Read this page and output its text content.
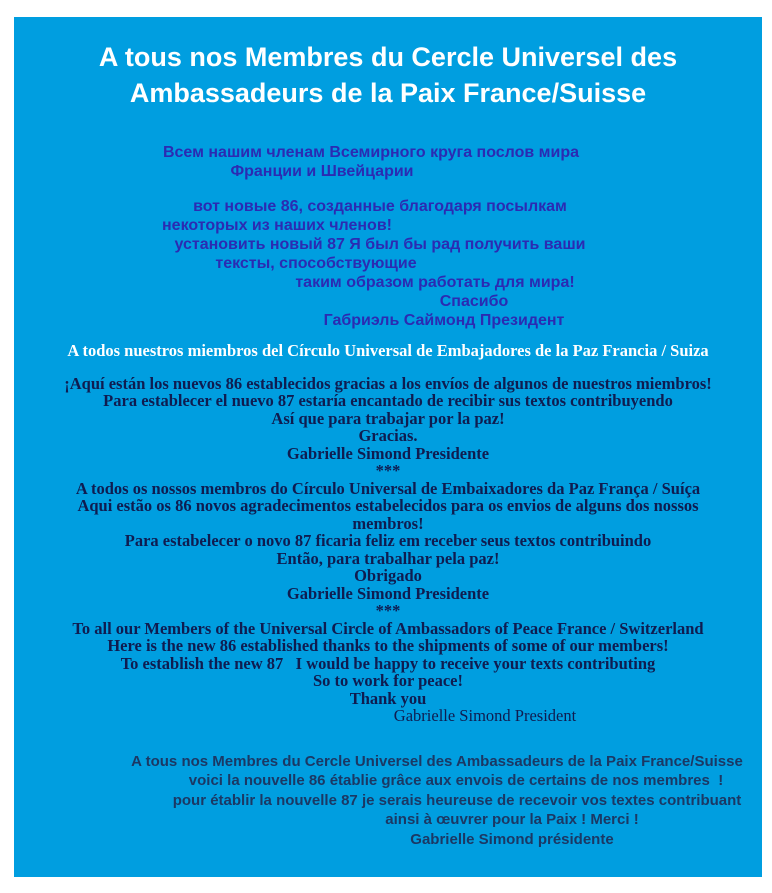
A tous nos Membres du Cercle Universel des
Ambassadeurs de la Paix France/Suisse
Всем нашим членам Всемирного круга послов мира
Франции и Швейцарии
вот новые 86, созданные благодаря посылкам
некоторых из наших членов!
установить новый 87 Я был бы рад получить ваши
тексты, способствующие
таким образом работать для мира!
Спасибо
Габриэль Саймонд Президент
A todos nuestros miembros del Círculo Universal de Embajadores de la Paz Francia / Suiza
¡Aquí están los nuevos 86 establecidos gracias a los envíos de algunos de nuestros miembros!
Para establecer el nuevo 87 estaría encantado de recibir sus textos contribuyendo
Así que para trabajar por la paz!
Gracias.
Gabrielle Simond Presidente
***
A todos os nossos membros do Círculo Universal de Embaixadores da Paz França / Suíça
Aqui estão os 86 novos agradecimentos estabelecidos para os envios de alguns dos nossos
membros!
Para estabelecer o novo 87 ficaria feliz em receber seus textos contribuindo
Então, para trabalhar pela paz!
Obrigado
Gabrielle Simond Presidente
***
To all our Members of the Universal Circle of Ambassadors of Peace France / Switzerland
Here is the new 86 established thanks to the shipments of some of our members!
To establish the new 87   I would be happy to receive your texts contributing
So to work for peace!
Thank you
Gabrielle Simond President
A tous nos Membres du Cercle Universel des Ambassadeurs de la Paix France/Suisse
voici la nouvelle 86 établie grâce aux envois de certains de nos membres  !
pour établir la nouvelle 87 je serais heureuse de recevoir vos textes contribuant
ainsi à œuvrer pour la Paix ! Merci !
Gabrielle Simond présidente
